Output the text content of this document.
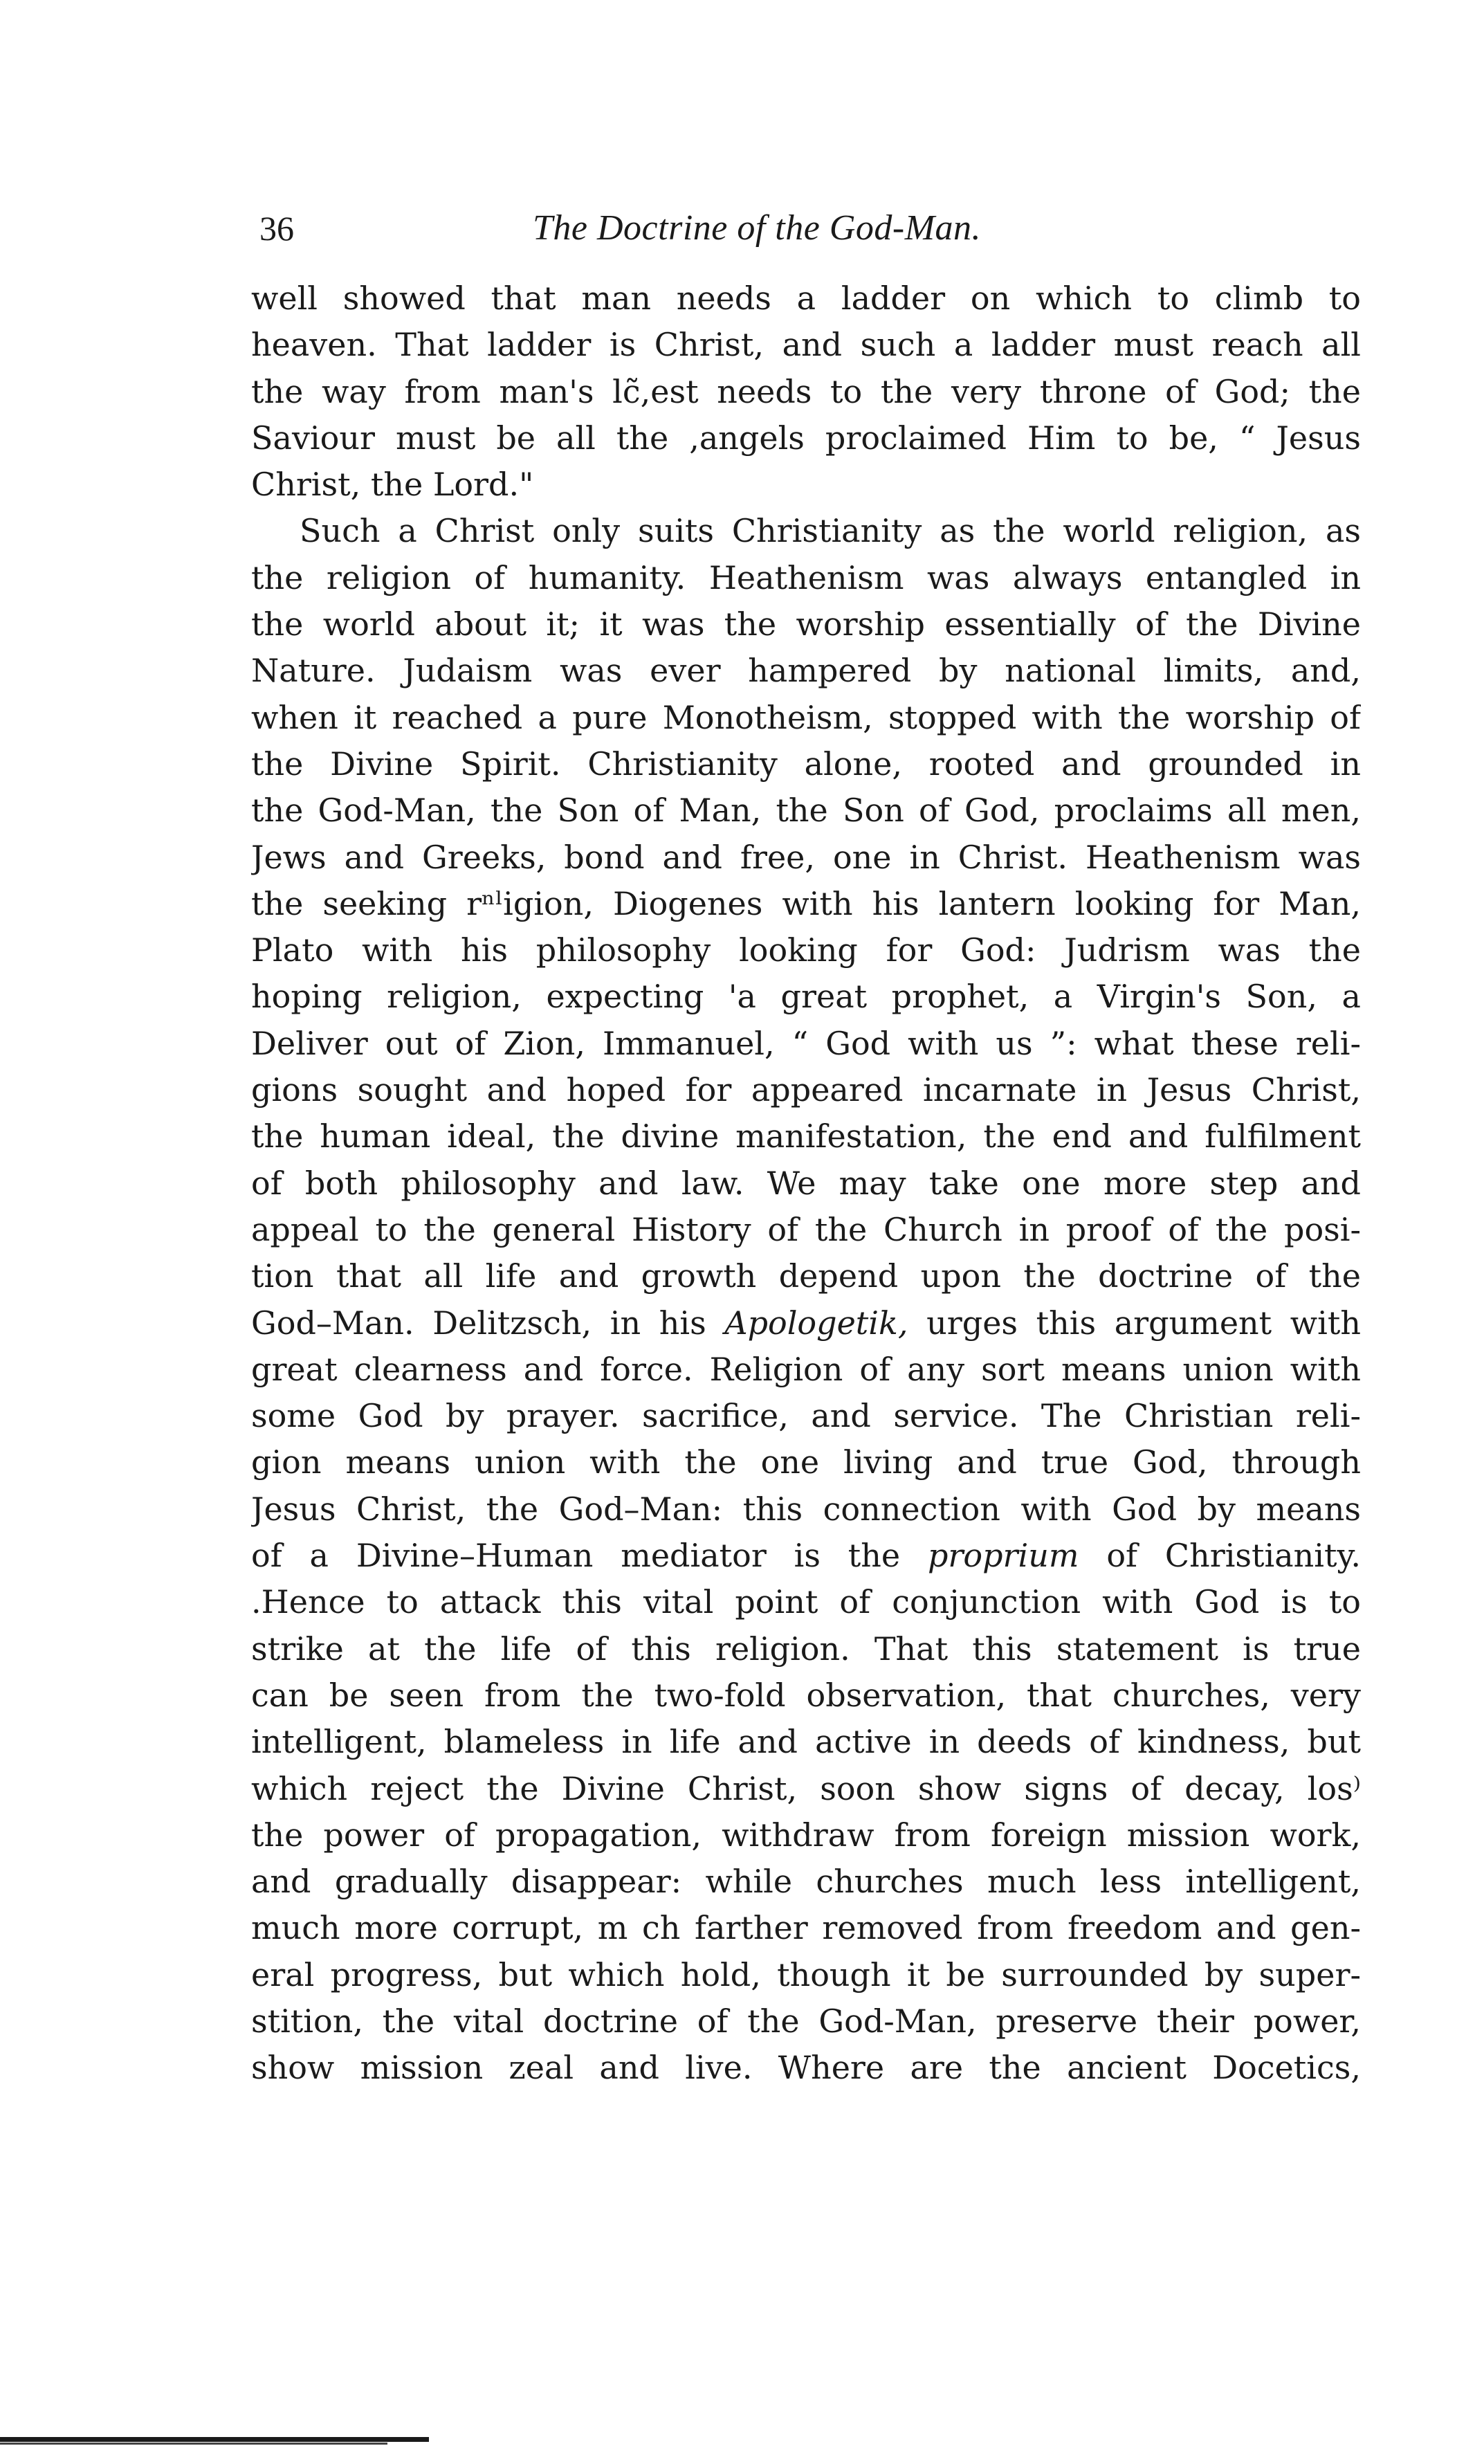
36	The Doctrine of the God-Man.
well showed that man needs a ladder on which to climb to
heaven. That ladder is Christ, and such a ladder must reach all
the way from man's lc̃,est needs to the very throne of God; the
Saviour must be all the ,angels proclaimed Him to be, “ Jesus
Christ, the Lord."
Such a Christ only suits Christianity as the world religion, as
the religion of humanity. Heathenism was always entangled in
the world about it; it was the worship essentially of the Divine
Nature. Judaism was ever hampered by national limits, and,
when it reached a pure Monotheism, stopped with the worship of
the Divine Spirit. Christianity alone, rooted and grounded in
the God-Man, the Son of Man, the Son of God, proclaims all men,
Jews and Greeks, bond and free, one in Christ. Heathenism was
the seeking rⁿˡigion, Diogenes with his lantern looking for Man,
Plato with his philosophy looking for God: Judrism was the
hoping religion, expecting 'a great prophet, a Virgin's Son, a
Deliver out of Zion, Immanuel, “ God with us ”: what these reli-
gions sought and hoped for appeared incarnate in Jesus Christ,
the human ideal, the divine manifestation, the end and fulfilment
of both philosophy and law. We may take one more step and
appeal to the general History of the Church in proof of the posi-
tion that all life and growth depend upon the doctrine of the
God–Man. Delitzsch, in his Apologetik, urges this argument with
great clearness and force. Religion of any sort means union with
some God by prayer. sacrifice, and service. The Christian reli-
gion means union with the one living and true God, through
Jesus Christ, the God–Man: this connection with God by means
of a Divine–Human mediator is the proprium of Christianity.
.Hence to attack this vital point of conjunction with God is to
strike at the life of this religion. That this statement is true
can be seen from the two-fold observation, that churches, very
intelligent, blameless in life and active in deeds of kindness, but
which reject the Divine Christ, soon show signs of decay, los⁾
the power of propagation, withdraw from foreign mission work,
and gradually disappear: while churches much less intelligent,
much more corrupt, m ch farther removed from freedom and gen-
eral progress, but which hold, though it be surrounded by super-
stition, the vital doctrine of the God-Man, preserve their power,
show mission zeal and live. Where are the ancient Docetics,
